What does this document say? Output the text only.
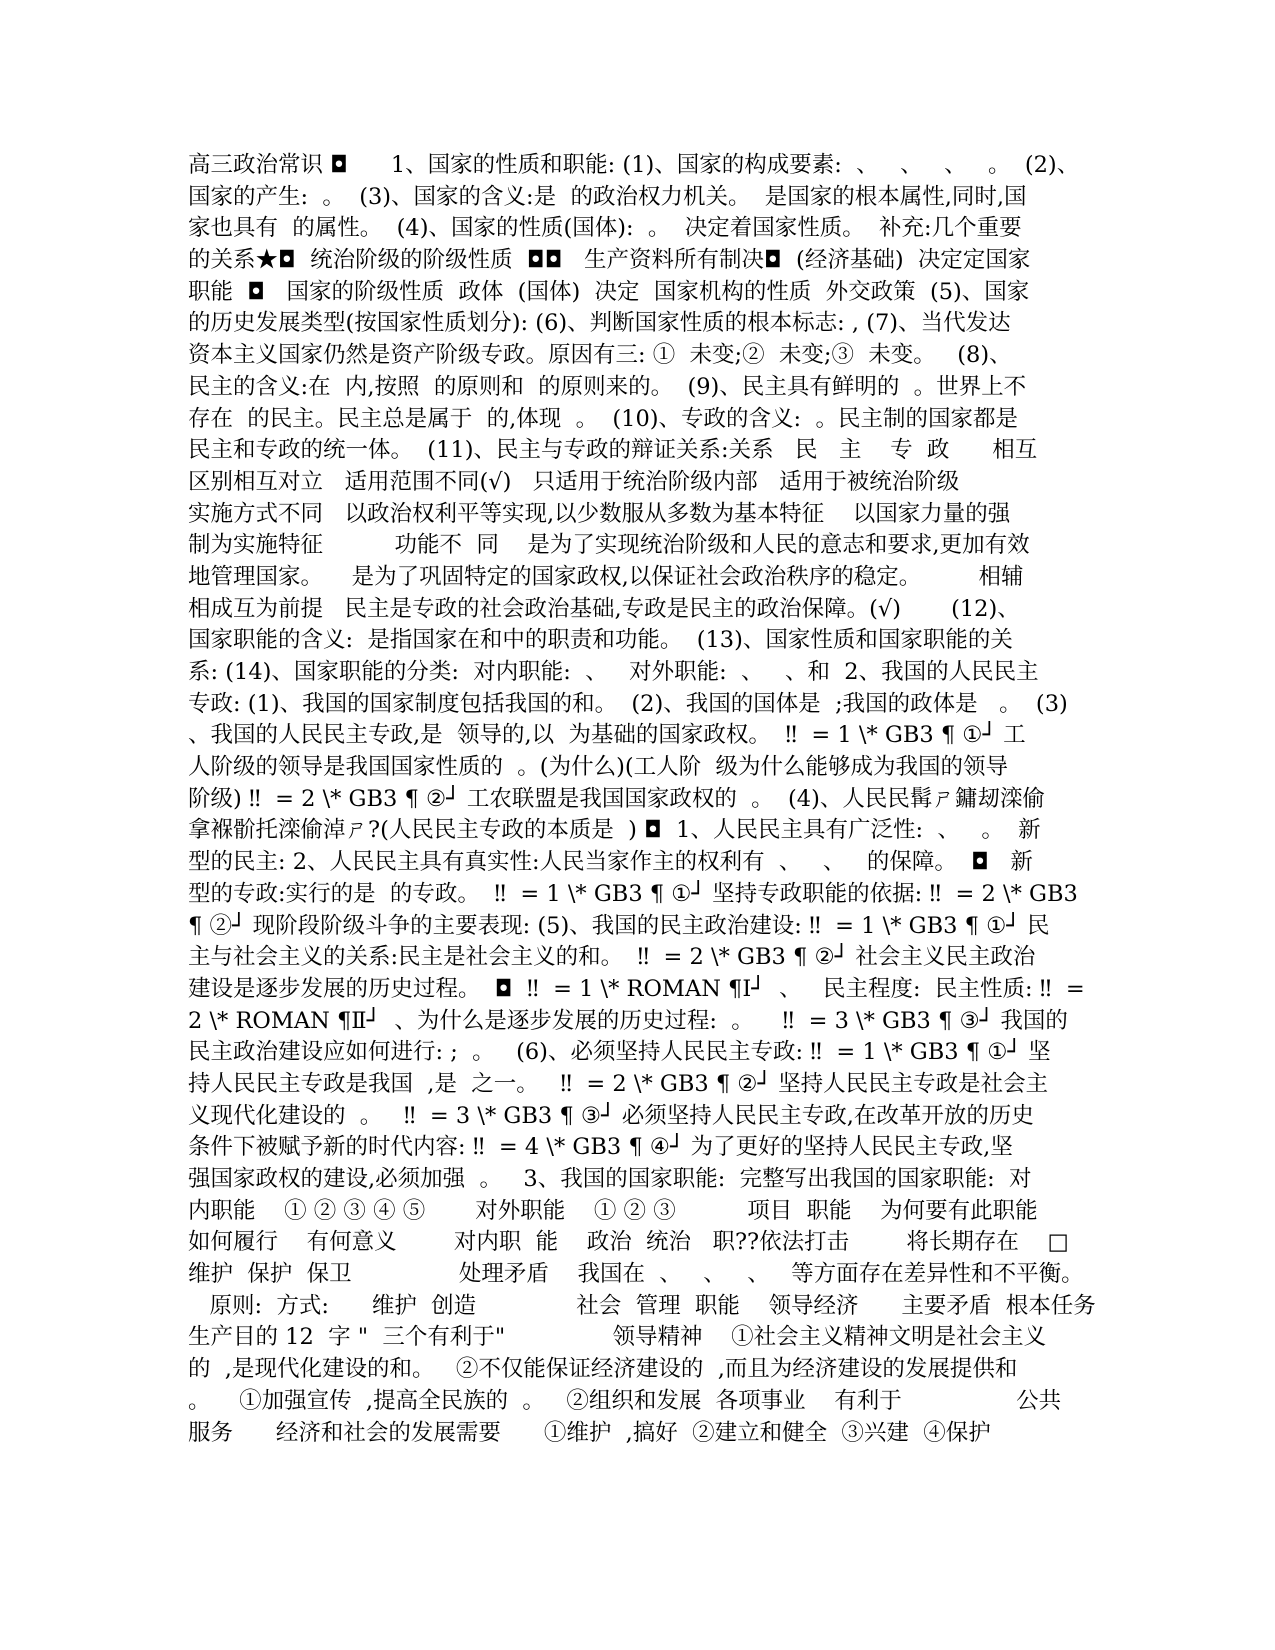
高三政治常识 ◘      1、国家的性质和职能: (1)、国家的构成要素:  、   、   、   。  (2)、
国家的产生:  。  (3)、国家的含义:是  的政治权力机关。  是国家的根本属性,同时,国
家也具有  的属性。  (4)、国家的性质(国体):  。  决定着国家性质。  补充:几个重要
的关系★◘  统治阶级的阶级性质  ◘◘   生产资料所有制决◘  (经济基础)  决定定国家
职能  ◘   国家的阶级性质  政体  (国体)  决定  国家机构的性质  外交政策  (5)、国家
的历史发展类型(按国家性质划分): (6)、判断国家性质的根本标志: , (7)、当代发达
资本主义国家仍然是资产阶级专政。原因有三: ①  未变;②  未变;③  未变。   (8)、
民主的含义:在  内,按照  的原则和  的原则来的。  (9)、民主具有鲜明的  。世界上不
存在  的民主。民主总是属于  的,体现  。  (10)、专政的含义:  。民主制的国家都是
民主和专政的统一体。  (11)、民主与专政的辩证关系:关系   民   主    专  政      相互
区别相互对立   适用范围不同(√)   只适用于统治阶级内部   适用于被统治阶级
实施方式不同   以政治权利平等实现,以少数服从多数为基本特征    以国家力量的强
制为实施特征          功能不  同    是为了实现统治阶级和人民的意志和要求,更加有效
地管理国家。    是为了巩固特定的国家政权,以保证社会政治秩序的稳定。        相辅
相成互为前提   民主是专政的社会政治基础,专政是民主的政治保障。(√)       (12)、
国家职能的含义:  是指国家在和中的职责和功能。  (13)、国家性质和国家职能的关
系: (14)、国家职能的分类:  对内职能:  、   对外职能:  、   、和  2、我国的人民民主
专政: (1)、我国的国家制度包括我国的和。  (2)、我国的国体是  ;我国的政体是   。  (3)
、我国的人民民主专政,是  领导的,以  为基础的国家政权。  ‼  = 1 \* GB3 ¶ ①┘ 工
人阶级的领导是我国国家性质的  。(为什么)(工人阶  级为什么能够成为我国的领导
阶级) ‼  = 2 \* GB3 ¶ ②┘ 工农联盟是我国国家政权的  。  (4)、人民民髯ㄕ鏞刼滦偷
拿褓骱托滦偷淖ㄕ?(人民民主专政的本质是  ) ◘  1、人民民主具有广泛性:  、   。  新
型的民主: 2、人民民主具有真实性:人民当家作主的权利有  、   、   的保障。  ◘   新
型的专政:实行的是  的专政。  ‼  = 1 \* GB3 ¶ ①┘ 坚持专政职能的依据: ‼  = 2 \* GB3
¶ ②┘ 现阶段阶级斗争的主要表现: (5)、我国的民主政治建设: ‼  = 1 \* GB3 ¶ ①┘ 民
主与社会主义的关系:民主是社会主义的和。  ‼  = 2 \* GB3 ¶ ②┘ 社会主义民主政治
建设是逐步发展的历史过程。  ◘  ‼  = 1 \* ROMAN ¶Ⅰ┘  、   民主程度:  民主性质: ‼  =
2 \* ROMAN ¶Ⅱ┘  、为什么是逐步发展的历史过程:  。    ‼  = 3 \* GB3 ¶ ③┘ 我国的
民主政治建设应如何进行: ;  。   (6)、必须坚持人民民主专政: ‼  = 1 \* GB3 ¶ ①┘ 坚
持人民民主专政是我国  ,是  之一。   ‼  = 2 \* GB3 ¶ ②┘ 坚持人民民主专政是社会主
义现代化建设的  。   ‼  = 3 \* GB3 ¶ ③┘ 必须坚持人民民主专政,在改革开放的历史
条件下被赋予新的时代内容: ‼  = 4 \* GB3 ¶ ④┘ 为了更好的坚持人民民主专政,坚
强国家政权的建设,必须加强  。   3、我国的国家职能:  完整写出我国的国家职能:  对
内职能    ① ② ③ ④ ⑤       对外职能    ① ② ③          项目  职能    为何要有此职能
如何履行    有何意义        对内职  能    政治  统治   职??依法打击        将长期存在    □
维护  保护  保卫               处理矛盾    我国在  、   、   、   等方面存在差异性和不平衡。
原则:  方式:      维护  创造              社会  管理  职能    领导经济      主要矛盾  根本任务
生产目的 12  字 "  三个有利于"               领导精神    ①社会主义精神文明是社会主义
的  ,是现代化建设的和。   ②不仅能保证经济建设的  ,而且为经济建设的发展提供和
。    ①加强宣传  ,提高全民族的  。   ②组织和发展  各项事业    有利于                公共
服务      经济和社会的发展需要      ①维护  ,搞好  ②建立和健全  ③兴建  ④保护
